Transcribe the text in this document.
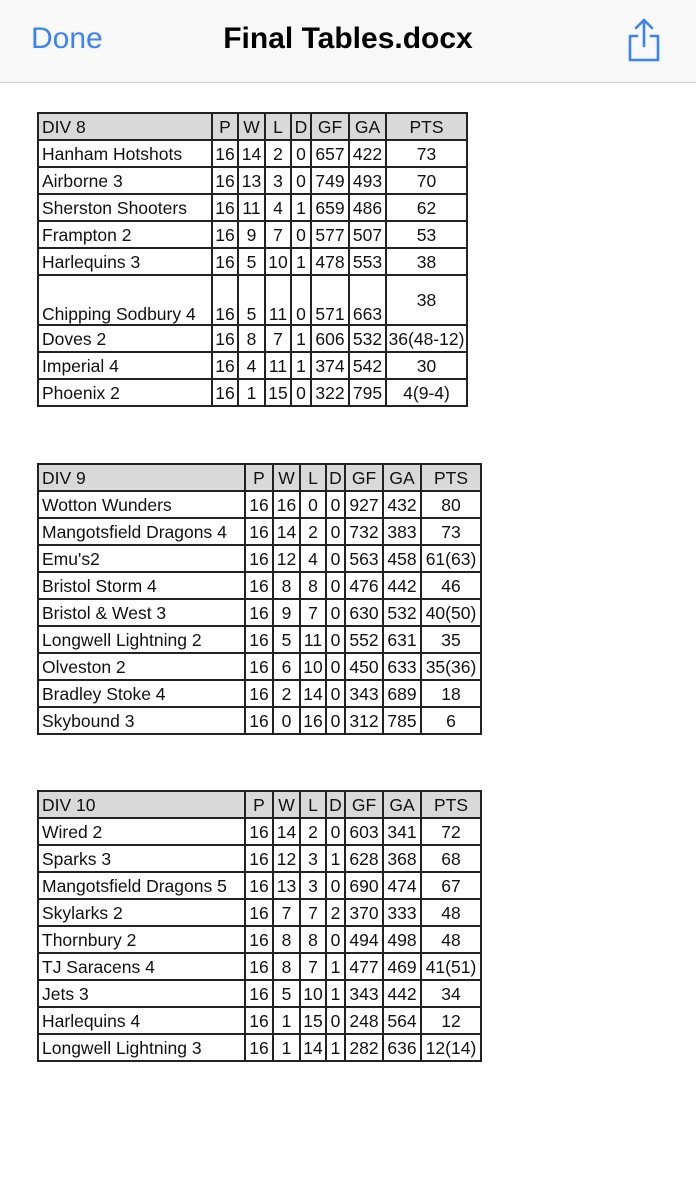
Done	Final Tables.docx
DIV 8	P	W	L	D	GF	GA	PTS
Hanham Hotshots	16	14	2	0	657	422	73
Airborne 3	16	13	3	0	749	493	70
Sherston Shooters	16	11	4	1	659	486	62
Frampton 2	16	9	7	0	577	507	53
Harlequins 3	16	5	10	1	478	553	38
Chipping Sodbury 4	16	5	11	0	571	663	38
Doves 2	16	8	7	1	606	532	36(48-12)
Imperial 4	16	4	11	1	374	542	30
Phoenix 2	16	1	15	0	322	795	4(9-4)
DIV 9	P	W	L	D	GF	GA	PTS
Wotton Wunders	16	16	0	0	927	432	80
Mangotsfield Dragons 4	16	14	2	0	732	383	73
Emu's2	16	12	4	0	563	458	61(63)
Bristol Storm 4	16	8	8	0	476	442	46
Bristol & West 3	16	9	7	0	630	532	40(50)
Longwell Lightning 2	16	5	11	0	552	631	35
Olveston 2	16	6	10	0	450	633	35(36)
Bradley Stoke 4	16	2	14	0	343	689	18
Skybound 3	16	0	16	0	312	785	6
DIV 10	P	W	L	D	GF	GA	PTS
Wired 2	16	14	2	0	603	341	72
Sparks 3	16	12	3	1	628	368	68
Mangotsfield Dragons 5	16	13	3	0	690	474	67
Skylarks 2	16	7	7	2	370	333	48
Thornbury 2	16	8	8	0	494	498	48
TJ Saracens 4	16	8	7	1	477	469	41(51)
Jets 3	16	5	10	1	343	442	34
Harlequins 4	16	1	15	0	248	564	12
Longwell Lightning 3	16	1	14	1	282	636	12(14)
